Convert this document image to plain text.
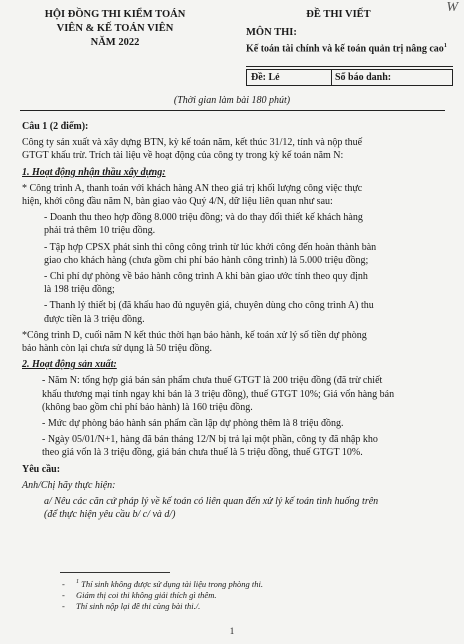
HỘI ĐỒNG THI KIỂM TOÁN
VIÊN & KẾ TOÁN VIÊN
NĂM 2022
W
ĐỀ THI VIẾT
MÔN THI:
Kế toán tài chính và kế toán quản trị nâng cao$^1$
Đề: Lẻ	Số báo danh:
(Thời gian làm bài 180 phút)

Câu 1 (2 điểm):

Công ty sản xuất và xây dựng BTN, kỳ kế toán năm, kết thúc 31/12, tính và nộp thuế
GTGT khấu trừ. Trích tài liệu về hoạt động của công ty trong kỳ kế toán năm N:

1. Hoạt động nhận thầu xây dựng:

* Công trình A, thanh toán với khách hàng AN theo giá trị khối lượng công việc thực
hiện, khởi công đầu năm N, bàn giao vào Quý 4/N, dữ liệu liên quan như sau:

- Doanh thu theo hợp đồng 8.000 triệu đồng; và do thay đổi thiết kế khách hàng
phải trả thêm 10 triệu đồng.

- Tập hợp CPSX phát sinh thi công công trình từ lúc khởi công đến hoàn thành bàn
giao cho khách hàng (chưa gồm chi phí bảo hành công trình) là 5.000 triệu đồng;

- Chi phí dự phòng về bảo hành công trình A khi bàn giao ước tính theo quy định
là 198 triệu đồng;

- Thanh lý thiết bị (đã khấu hao đủ nguyên giá, chuyên dùng cho công trình A) thu
được tiền là 3 triệu đồng.

*Công trình D, cuối năm N kết thúc thời hạn bảo hành, kế toán xử lý số tiền dự phòng
bảo hành còn lại chưa sử dụng là 50 triệu đồng.

2. Hoạt động sản xuất:

- Năm N: tổng hợp giá bán sản phẩm chưa thuế GTGT là 200 triệu đồng (đã trừ chiết
khấu thương mại tính ngay khi bán là 3 triệu đồng), thuế GTGT 10%; Giá vốn hàng bán
(không bao gồm chi phí bảo hành) là 160 triệu đồng.

- Mức dự phòng bảo hành sản phẩm cần lập dự phòng thêm là 8 triệu đồng.

- Ngày 05/01/N+1, hàng đã bán tháng 12/N bị trả lại một phần, công ty đã nhập kho
theo giá vốn là 3 triệu đồng, giá bán chưa thuế là 5 triệu đồng, thuế GTGT 10%.

Yêu cầu:

Anh/Chị hãy thực hiện:

a/ Nêu các căn cứ pháp lý về kế toán có liên quan đến xử lý kế toán tình huống trên
(để thực hiện yêu cầu b/ c/ và d/)

- $^1$ Thí sinh không được sử dụng tài liệu trong phòng thi.
- Giám thị coi thi không giải thích gì thêm.
- Thí sinh nộp lại đề thi cùng bài thi./.
1
